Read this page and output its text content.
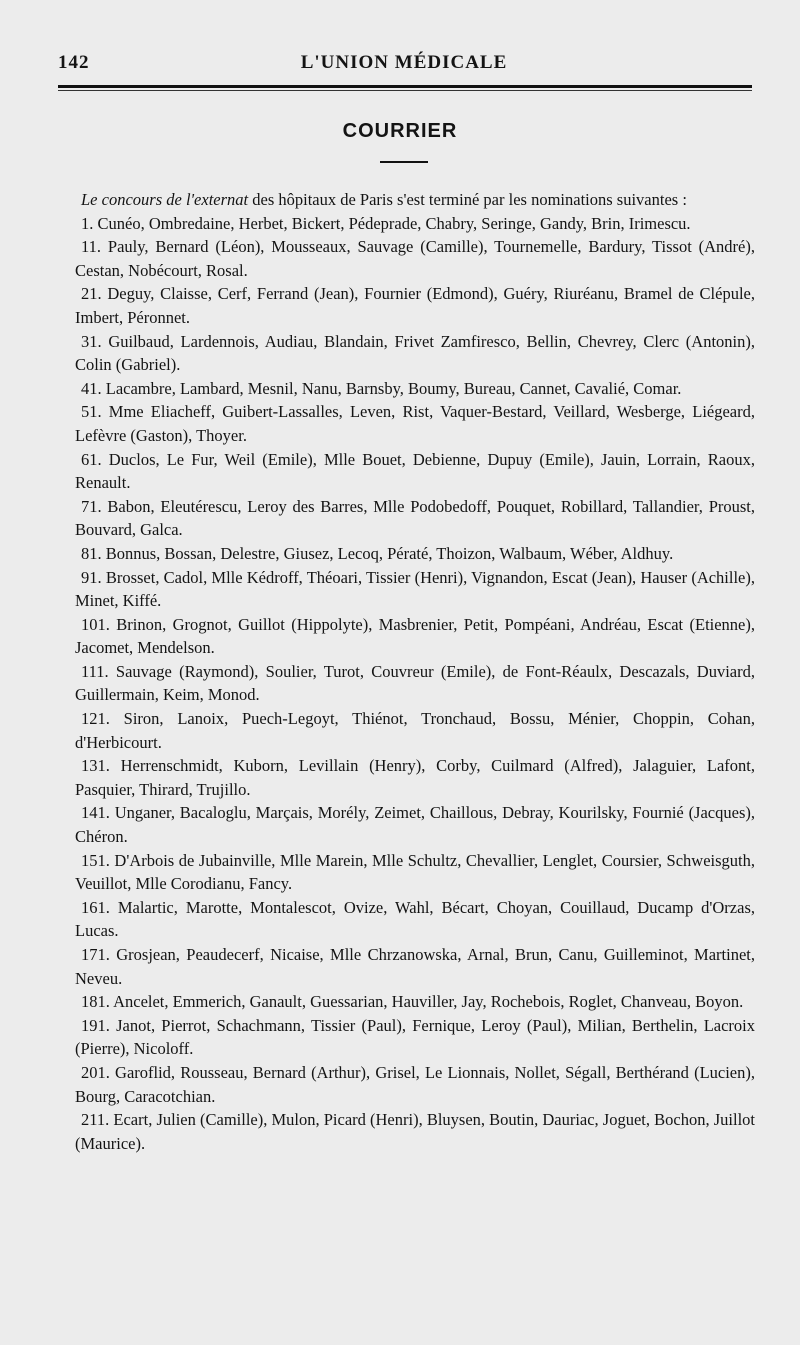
142	L'UNION MÉDICALE
COURRIER

Le concours de l'externat des hôpitaux de Paris s'est terminé par les nominations suivantes :

1. Cunéo, Ombredaine, Herbet, Bickert, Pédeprade, Chabry, Seringe, Gandy, Brin, Irimescu.

11. Pauly, Bernard (Léon), Mousseaux, Sauvage (Camille), Tournemelle, Bardury, Tissot (André), Cestan, Nobécourt, Rosal.

21. Deguy, Claisse, Cerf, Ferrand (Jean), Fournier (Edmond), Guéry, Riuréanu, Bramel de Clépule, Imbert, Péronnet.

31. Guilbaud, Lardennois, Audiau, Blandain, Frivet Zamfiresco, Bellin, Chevrey, Clerc (Antonin), Colin (Gabriel).

41. Lacambre, Lambard, Mesnil, Nanu, Barnsby, Boumy, Bureau, Cannet, Cavalié, Comar.

51. Mme Eliacheff, Guibert-Lassalles, Leven, Rist, Vaquer-Bestard, Veillard, Wesberge, Liégeard, Lefèvre (Gaston), Thoyer.

61. Duclos, Le Fur, Weil (Emile), Mlle Bouet, Debienne, Dupuy (Emile), Jauin, Lorrain, Raoux, Renault.

71. Babon, Eleutérescu, Leroy des Barres, Mlle Podobedoff, Pouquet, Robillard, Tallandier, Proust, Bouvard, Galca.

81. Bonnus, Bossan, Delestre, Giusez, Lecoq, Pératé, Thoizon, Walbaum, Wéber, Aldhuy.

91. Brosset, Cadol, Mlle Kédroff, Théoari, Tissier (Henri), Vignandon, Escat (Jean), Hauser (Achille), Minet, Kiffé.

101. Brinon, Grognot, Guillot (Hippolyte), Masbrenier, Petit, Pompéani, Andréau, Escat (Etienne), Jacomet, Mendelson.

111. Sauvage (Raymond), Soulier, Turot, Couvreur (Emile), de Font-Réaulx, Descazals, Duviard, Guillermain, Keim, Monod.

121. Siron, Lanoix, Puech-Legoyt, Thiénot, Tronchaud, Bossu, Ménier, Choppin, Cohan, d'Herbicourt.

131. Herrenschmidt, Kuborn, Levillain (Henry), Corby, Cuilmard (Alfred), Jalaguier, Lafont, Pasquier, Thirard, Trujillo.

141. Unganer, Bacaloglu, Marçais, Morély, Zeimet, Chaillous, Debray, Kourilsky, Fournié (Jacques), Chéron.

151. D'Arbois de Jubainville, Mlle Marein, Mlle Schultz, Chevallier, Lenglet, Coursier, Schweisguth, Veuillot, Mlle Corodianu, Fancy.

161. Malartic, Marotte, Montalescot, Ovize, Wahl, Bécart, Choyan, Couillaud, Ducamp d'Orzas, Lucas.

171. Grosjean, Peaudecerf, Nicaise, Mlle Chrzanowska, Arnal, Brun, Canu, Guilleminot, Martinet, Neveu.

181. Ancelet, Emmerich, Ganault, Guessarian, Hauviller, Jay, Rochebois, Roglet, Chanveau, Boyon.

191. Janot, Pierrot, Schachmann, Tissier (Paul), Fernique, Leroy (Paul), Milian, Berthelin, Lacroix (Pierre), Nicoloff.

201. Garoflid, Rousseau, Bernard (Arthur), Grisel, Le Lionnais, Nollet, Ségall, Berthérand (Lucien), Bourg, Caracotchian.

211. Ecart, Julien (Camille), Mulon, Picard (Henri), Bluysen, Boutin, Dauriac, Joguet, Bochon, Juillot (Maurice).
